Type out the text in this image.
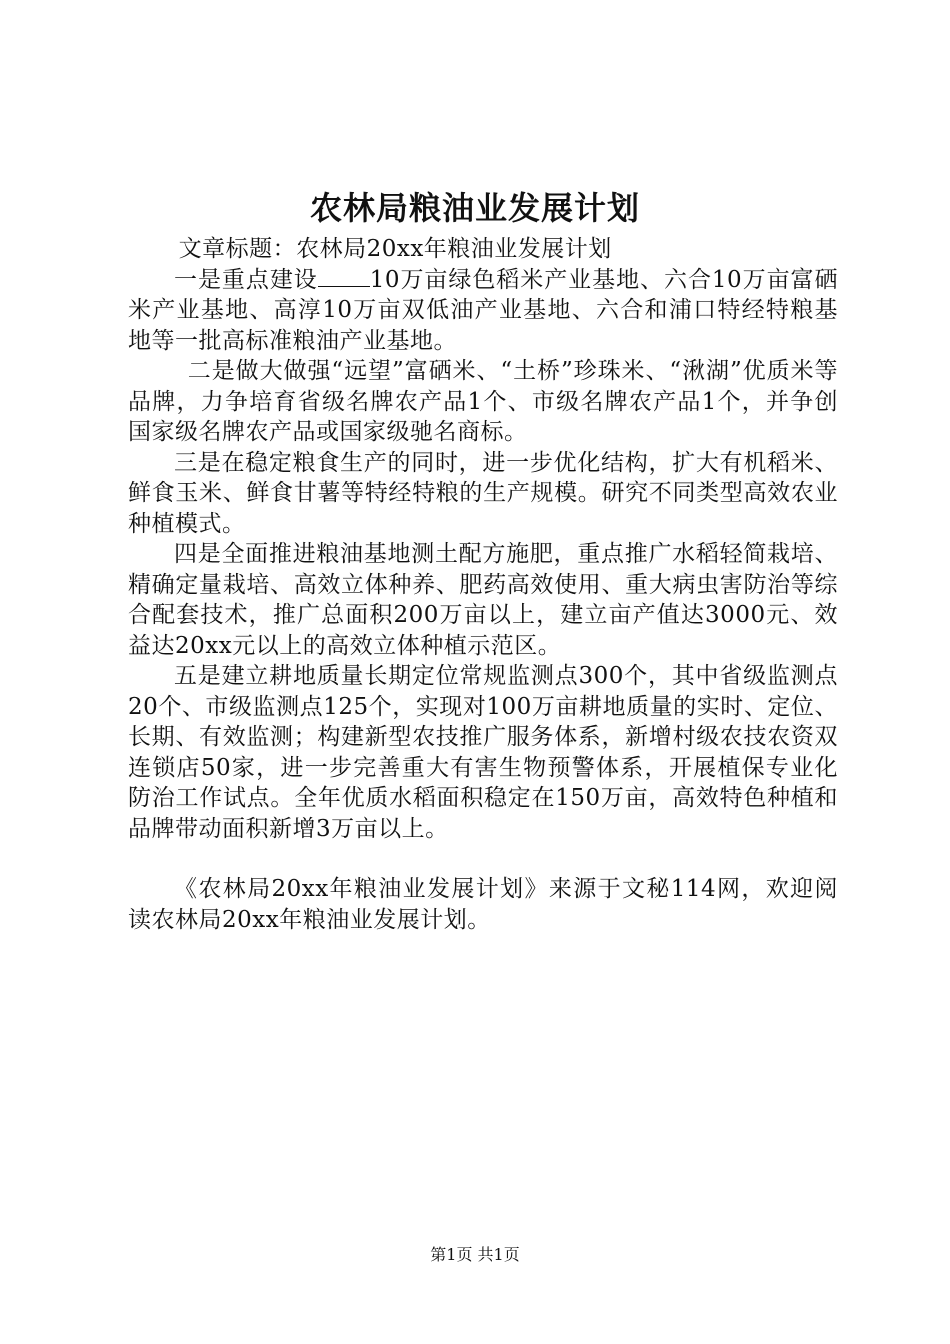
农林局粮油业发展计划

文章标题：农林局20xx年粮油业发展计划

一是重点建设 10万亩绿色稻米产业基地、六合10万亩富硒米产业基地、高淳10万亩双低油产业基地、六合和浦口特经特粮基地等一批高标准粮油产业基地。

二是做大做强“远望”富硒米、“土桥”珍珠米、“湫湖”优质米等品牌，力争培育省级名牌农产品1个、市级名牌农产品1个，并争创国家级名牌农产品或国家级驰名商标。

三是在稳定粮食生产的同时，进一步优化结构，扩大有机稻米、鲜食玉米、鲜食甘薯等特经特粮的生产规模。研究不同类型高效农业种植模式。

四是全面推进粮油基地测土配方施肥，重点推广水稻轻简栽培、精确定量栽培、高效立体种养、肥药高效使用、重大病虫害防治等综合配套技术，推广总面积200万亩以上，建立亩产值达3000元、效益达20xx元以上的高效立体种植示范区。

五是建立耕地质量长期定位常规监测点300个，其中省级监测点20个、市级监测点125个，实现对100万亩耕地质量的实时、定位、长期、有效监测；构建新型农技推广服务体系，新增村级农技农资双连锁店50家，进一步完善重大有害生物预警体系，开展植保专业化防治工作试点。全年优质水稻面积稳定在150万亩，高效特色种植和品牌带动面积新增3万亩以上。

《农林局20xx年粮油业发展计划》来源于文秘114网，欢迎阅读农林局20xx年粮油业发展计划。

第1页 共1页
